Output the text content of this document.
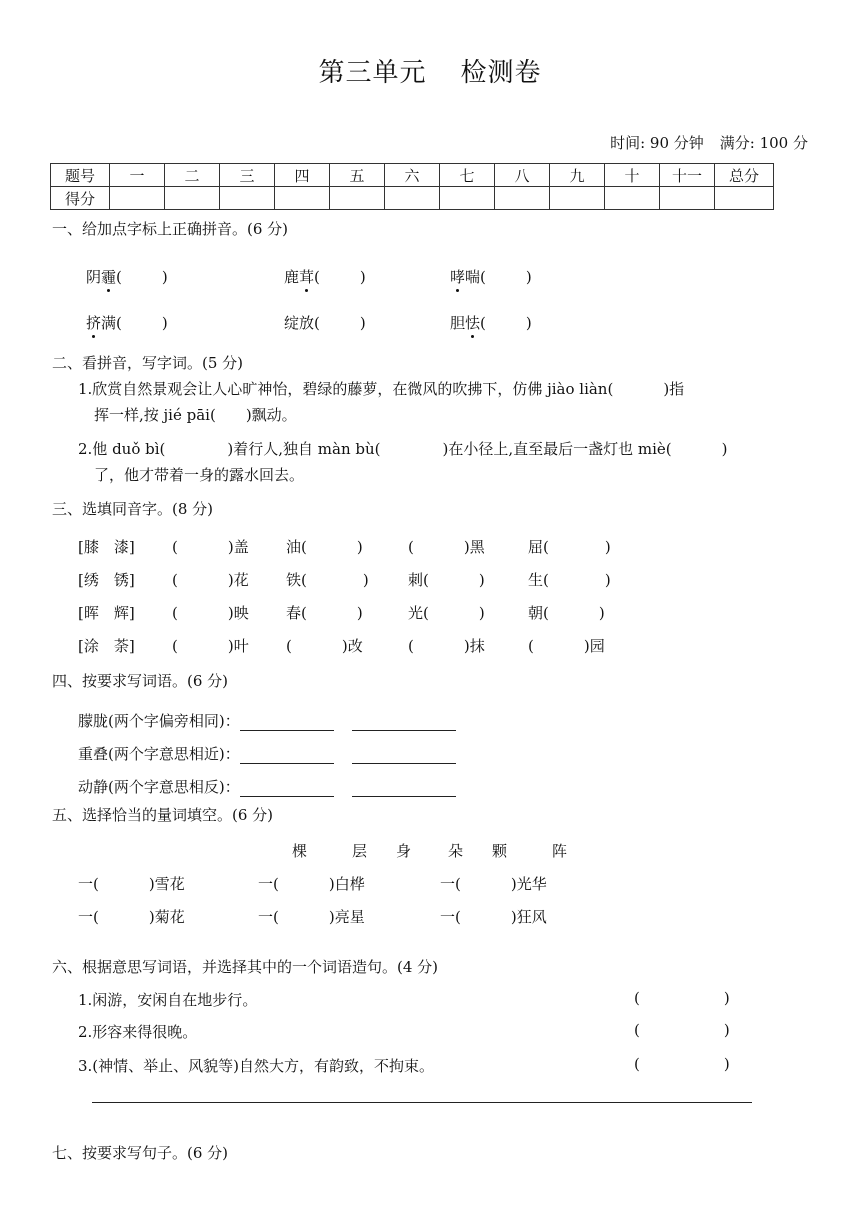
第三单元 检测卷
时间: 90 分钟 满分: 100 分
题号	一	二	三	四	五	六	七	八	九	十	十一	总分
得分												
一、给加点字标上正确拼音。(6 分)
阴霾(	)	鹿茸(	)	哮喘(	)
挤满(	)	绽放(	)	胆怯(	)
二、看拼音，写字词。(5 分)
1.欣赏自然景观会让人心旷神怡，碧绿的藤萝，在微风的吹拂下，仿佛 jiào liàn(	)指
挥一样,按 jié pāi( )飘动。
2.他 duǒ bì(	)着行人,独自 màn bù(	)在小径上,直至最后一盏灯也 miè(	)
了，他才带着一身的露水回去。
三、选填同音字。(8 分)
[膝　漆] (	)盖 油(	)	(	)黑	屈(	)
[绣　锈] (	)花 铁(	)	刺(	)	生(	)
[晖　辉] (	)映 春(	)	光(	)	朝(	)
[涂　荼] (	)叶 (	)改	(	)抹	(	)园
四、按要求写词语。(6 分)
朦胧(两个字偏旁相同)：
重叠(两个字意思相近)：
动静(两个字意思相反)：
五、选择恰当的量词填空。(6 分)
棵	层 身 朵 颗	阵
一(	)雪花	一(	)白桦	一(	)光华
一(	)菊花	一(	)亮星	一(	)狂风
六、根据意思写词语，并选择其中的一个词语造句。(4 分)
1.闲游，安闲自在地步行。	(	)
2.形容来得很晚。	(	)
3.(神情、举止、风貌等)自然大方，有韵致，不拘束。	(	)
七、按要求写句子。(6 分)
